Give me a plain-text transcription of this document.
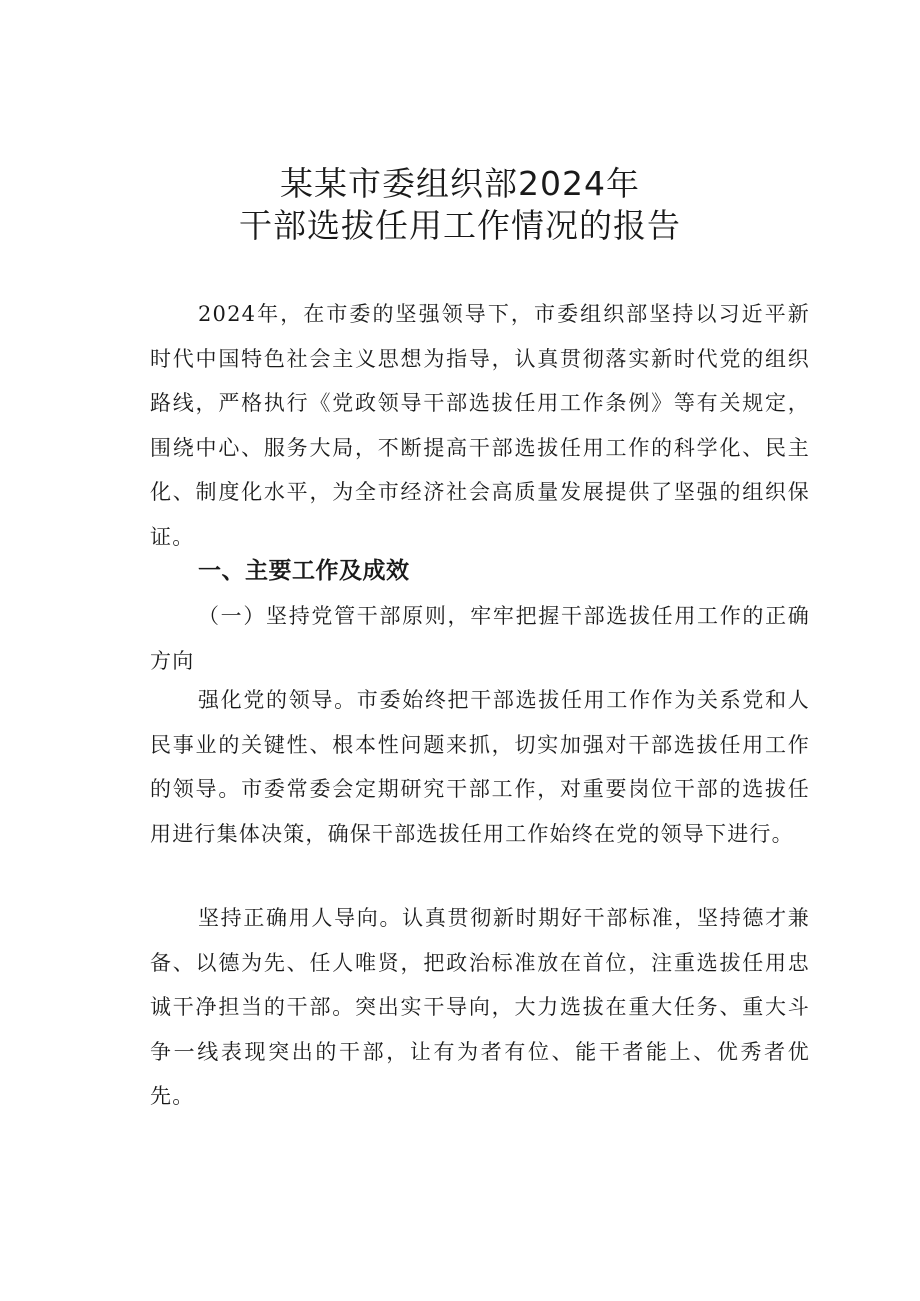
某某市委组织部2024年
干部选拔任用工作情况的报告

2024年，在市委的坚强领导下，市委组织部坚持以习近平新时代中国特色社会主义思想为指导，认真贯彻落实新时代党的组织路线，严格执行《党政领导干部选拔任用工作条例》等有关规定，围绕中心、服务大局，不断提高干部选拔任用工作的科学化、民主化、制度化水平，为全市经济社会高质量发展提供了坚强的组织保证。

一、主要工作及成效

（一）坚持党管干部原则，牢牢把握干部选拔任用工作的正确方向

强化党的领导。市委始终把干部选拔任用工作作为关系党和人民事业的关键性、根本性问题来抓，切实加强对干部选拔任用工作的领导。市委常委会定期研究干部工作，对重要岗位干部的选拔任用进行集体决策，确保干部选拔任用工作始终在党的领导下进行。

坚持正确用人导向。认真贯彻新时期好干部标准，坚持德才兼备、以德为先、任人唯贤，把政治标准放在首位，注重选拔任用忠诚干净担当的干部。突出实干导向，大力选拔在重大任务、重大斗争一线表现突出的干部，让有为者有位、能干者能上、优秀者优先。
